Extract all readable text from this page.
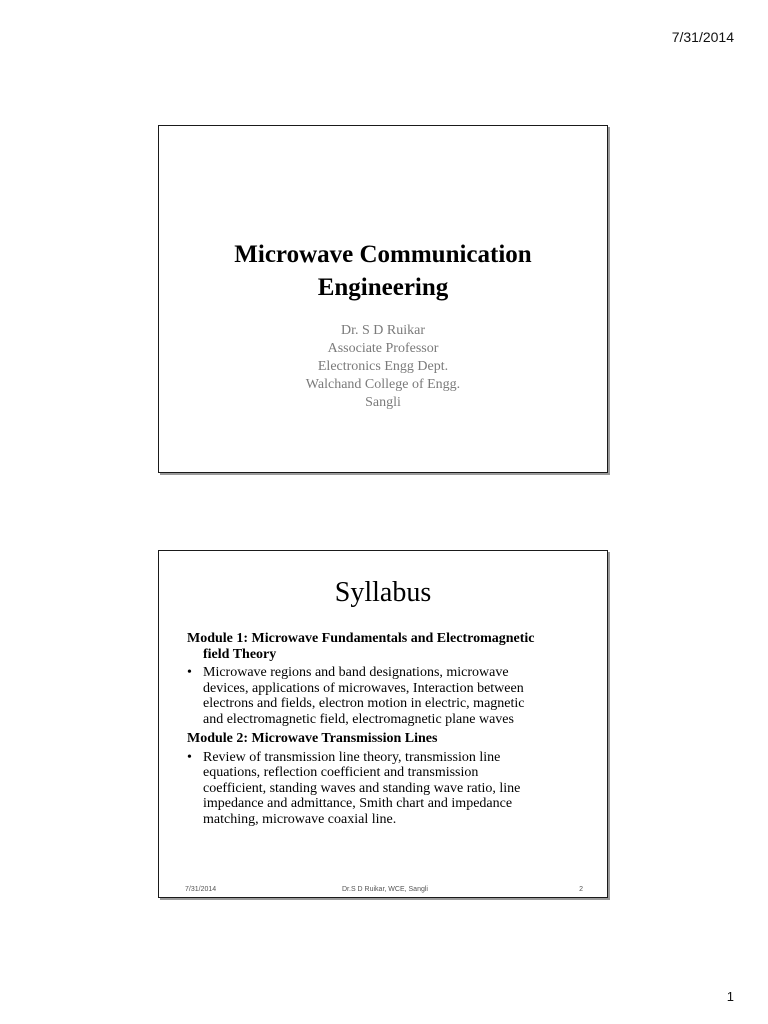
7/31/2014
Microwave Communication
Engineering
Dr. S D Ruikar
Associate Professor
Electronics Engg Dept.
Walchand College of Engg.
Sangli
Syllabus
Module 1: Microwave Fundamentals and Electromagnetic
field Theory
• Microwave regions and band designations, microwave
devices, applications of microwaves, Interaction between
electrons and fields, electron motion in electric, magnetic
and electromagnetic field, electromagnetic plane waves
Module 2: Microwave Transmission Lines
• Review of transmission line theory, transmission line
equations, reflection coefficient and transmission
coefficient, standing waves and standing wave ratio, line
impedance and admittance, Smith chart and impedance
matching, microwave coaxial line.
7/31/2014	Dr.S D Ruikar, WCE, Sangli	2
1
